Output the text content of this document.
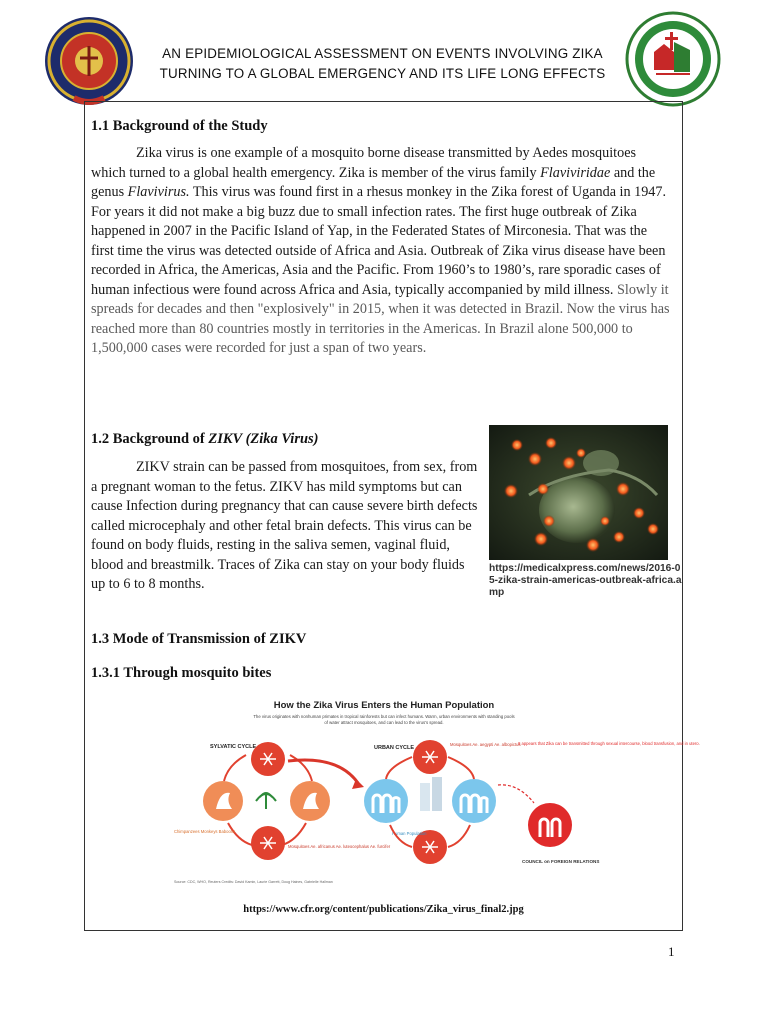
AN EPIDEMIOLOGICAL ASSESSMENT ON EVENTS INVOLVING ZIKA
TURNING TO A GLOBAL EMERGENCY AND ITS LIFE LONG EFFECTS
1.1 Background of the Study

Zika virus is one example of a mosquito borne disease transmitted by Aedes mosquitoes which turned to a global health emergency. Zika is member of the virus family Flaviviridae and the genus Flavivirus. This virus was found first in a rhesus monkey in the Zika forest of Uganda in 1947. For years it did not make a big buzz due to small infection rates. The first huge outbreak of Zika happened in 2007 in the Pacific Island of Yap, in the Federated States of Mirconesia. That was the first time the virus was detected outside of Africa and Asia. Outbreak of Zika virus disease have been recorded in Africa, the Americas, Asia and the Pacific. From 1960’s to 1980’s, rare sporadic cases of human infectious were found across Africa and Asia, typically accompanied by mild illness. Slowly it spreads for decades and then "explosively" in 2015, when it was detected in Brazil. Now the virus has reached more than 80 countries mostly in territories in the Americas. In Brazil alone 500,000 to 1,500,000 cases were recorded for just a span of two years.

1.2 Background of ZIKV (Zika Virus)

ZIKV strain can be passed from mosquitoes, from sex, from a pregnant woman to the fetus. ZIKV has mild symptoms but can cause Infection during pregnancy that can cause severe birth defects called microcephaly and other fetal brain defects. This virus can be found on body fluids, resting in the saliva semen, vaginal fluid, blood and breastmilk. Traces of Zika can stay on your body fluids up to 6 to 8 months.

https://medicalxpress.com/news/2016-05-zika-strain-americas-outbreak-africa.amp
1.3 Mode of Transmission of ZIKV
1.3.1 Through mosquito bites
How the Zika Virus Enters the Human Population
The virus originates with nonhuman primates in tropical rainforests but can infect humans. Warm, urban environments with standing pools
of water attract mosquitoes, and can lead to the virus's spread.
SYLVATIC CYCLE
Chimpanzees Monkeys Baboons
Mosquitoes Ae. africanus Ae. luteocephalus Ae. furcifer
URBAN CYCLE
Mosquitoes Ae. aegypti Ae. albopictus
Human Population
It appears that Zika can be transmitted through sexual intercourse, blood transfusion, and in utero.
COUNCIL on FOREIGN RELATIONS
Source: CDC, WHO, Reuters Credits: David Kamin, Laurie Garrett, Doug Haines, Gabrielle Hallman
https://www.cfr.org/content/publications/Zika_virus_final2.jpg
1
